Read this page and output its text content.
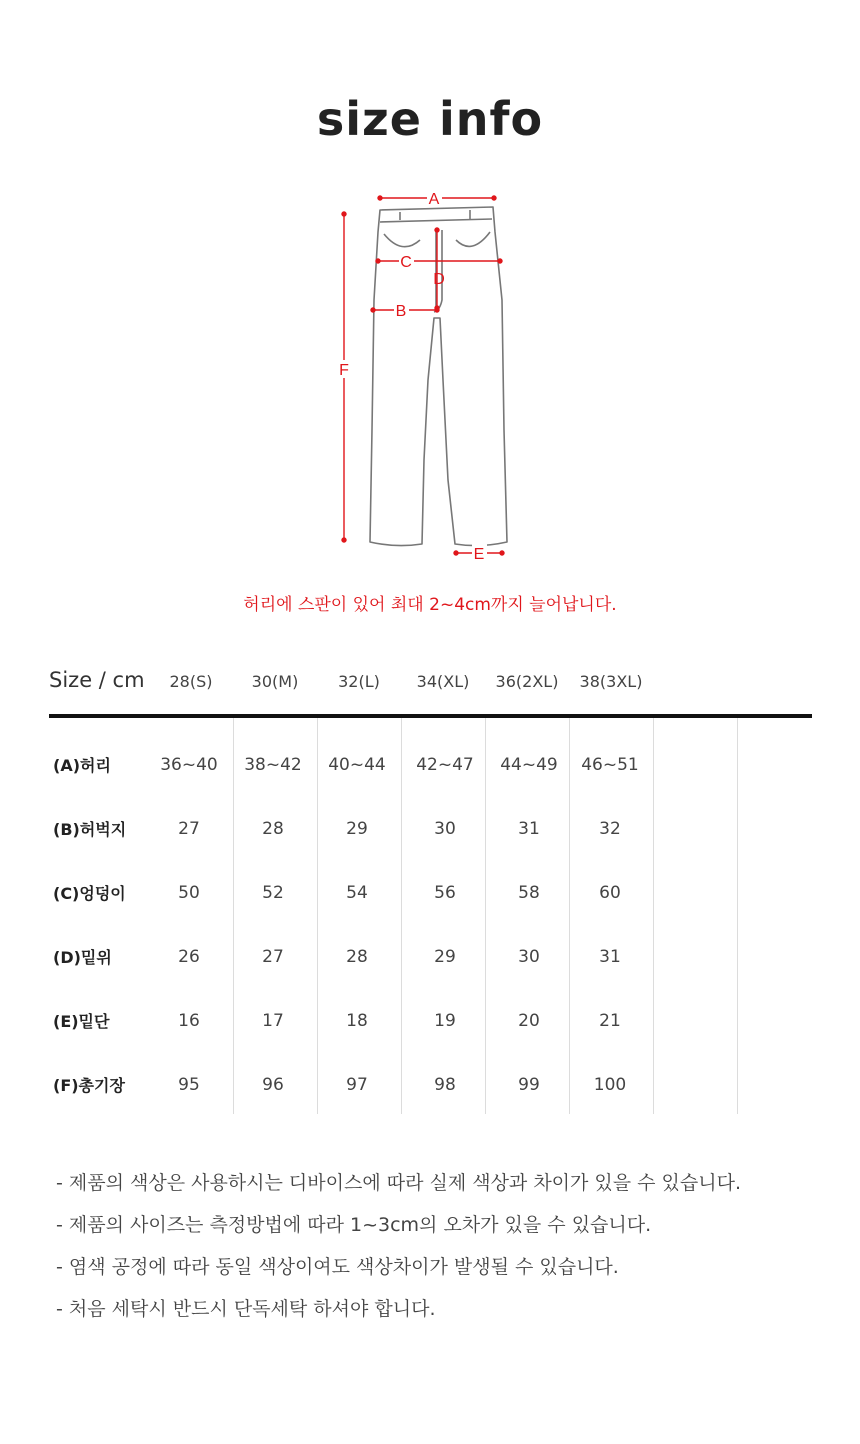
size info
A
C
D
B
F
E
허리에 스판이 있어 최대 2~4cm까지 늘어납니다.
Size / cm	28(S)	30(M)	32(L)	34(XL)	36(2XL)	38(3XL)
(A)허리	36~40	38~42	40~44	42~47	44~49	46~51
(B)허벅지	27	28	29	30	31	32
(C)엉덩이	50	52	54	56	58	60
(D)밑위	26	27	28	29	30	31
(E)밑단	16	17	18	19	20	21
(F)총기장	95	96	97	98	99	100
- 제품의 색상은 사용하시는 디바이스에 따라 실제 색상과 차이가 있을 수 있습니다.
- 제품의 사이즈는 측정방법에 따라 1~3cm의 오차가 있을 수 있습니다.
- 염색 공정에 따라 동일 색상이여도 색상차이가 발생될 수 있습니다.
- 처음 세탁시 반드시 단독세탁 하셔야 합니다.
